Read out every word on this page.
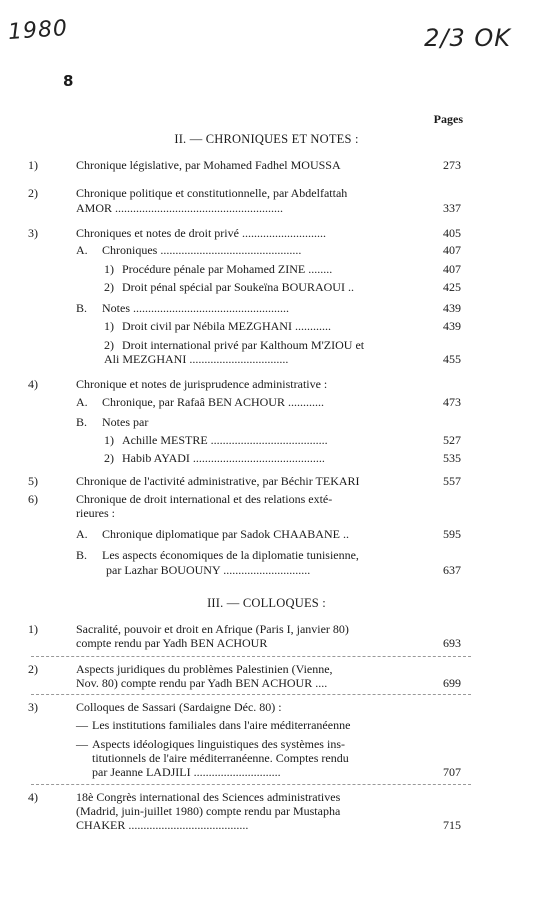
1980	2/3 OK
8
Pages
II. — CHRONIQUES ET NOTES :
1)	Chronique législative, par Mohamed Fadhel MOUSSA	273
2)	Chronique politique et constitutionnelle, par Abdelfattah
AMOR ........................................................	337
3)	Chroniques et notes de droit privé ............................	405
A.	Chroniques ...............................................	407
1) Procédure pénale par Mohamed ZINE ........	407
2) Droit pénal spécial par Soukeïna BOURAOUI ..	425
B.	Notes ....................................................	439
1) Droit civil par Nébila MEZGHANI ............	439
2) Droit international privé par Kalthoum M'ZIOU et
Ali MEZGHANI .................................	455
4)	Chronique et notes de jurisprudence administrative :
A.	Chronique, par Rafaâ BEN ACHOUR ............	473
B.	Notes par
1) Achille MESTRE .......................................	527
2) Habib AYADI ............................................	535
5)	Chronique de l'activité administrative, par Béchir TEKARI	557
6)	Chronique de droit international et des relations exté-
rieures :
A.	Chronique diplomatique par Sadok CHAABANE ..	595
B.	Les aspects économiques de la diplomatie tunisienne,
par Lazhar BOUOUNY .............................	637
III. — COLLOQUES :
1)	Sacralité, pouvoir et droit en Afrique (Paris I, janvier 80)
compte rendu par Yadh BEN ACHOUR	693
2)	Aspects juridiques du problèmes Palestinien (Vienne,
Nov. 80) compte rendu par Yadh BEN ACHOUR ....	699
3)	Colloques de Sassari (Sardaigne Déc. 80) :
— Les institutions familiales dans l'aire méditerranéenne
— Aspects idéologiques linguistiques des systèmes ins-
titutionnels de l'aire méditerranéenne. Comptes rendu
par Jeanne LADJILI .............................	707
4)	18è Congrès international des Sciences administratives
(Madrid, juin-juillet 1980) compte rendu par Mustapha
CHAKER ........................................	715
